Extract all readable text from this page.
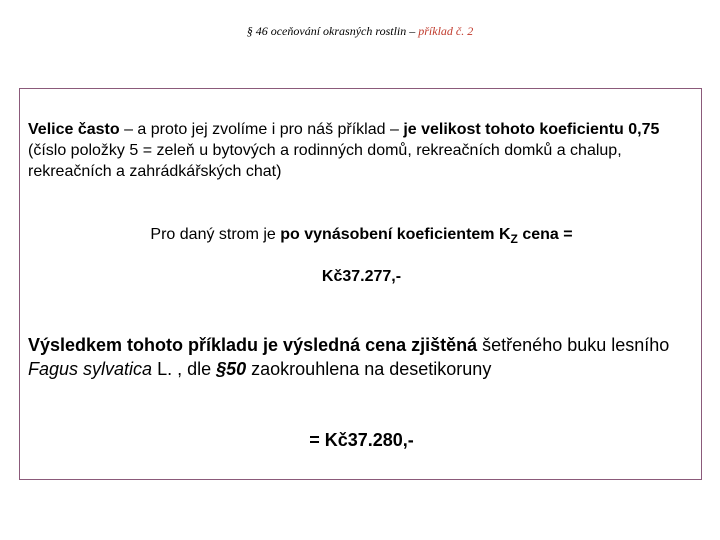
§ 46 oceňování okrasných rostlin – příklad č. 2

Velice často – a proto jej zvolíme i pro náš příklad – je velikost tohoto koeficientu 0,75 (číslo položky 5 = zeleň u bytových a rodinných domů, rekreačních domků a chalup, rekreačních a zahrádkářských chat)

Pro daný strom je po vynásobení koeficientem $K_Z$ cena =

Kč37.277,-

Výsledkem tohoto příkladu je výsledná cena zjištěná šetřeného buku lesního Fagus sylvatica L. , dle §50 zaokrouhlena na desetikoruny

= Kč37.280,-
